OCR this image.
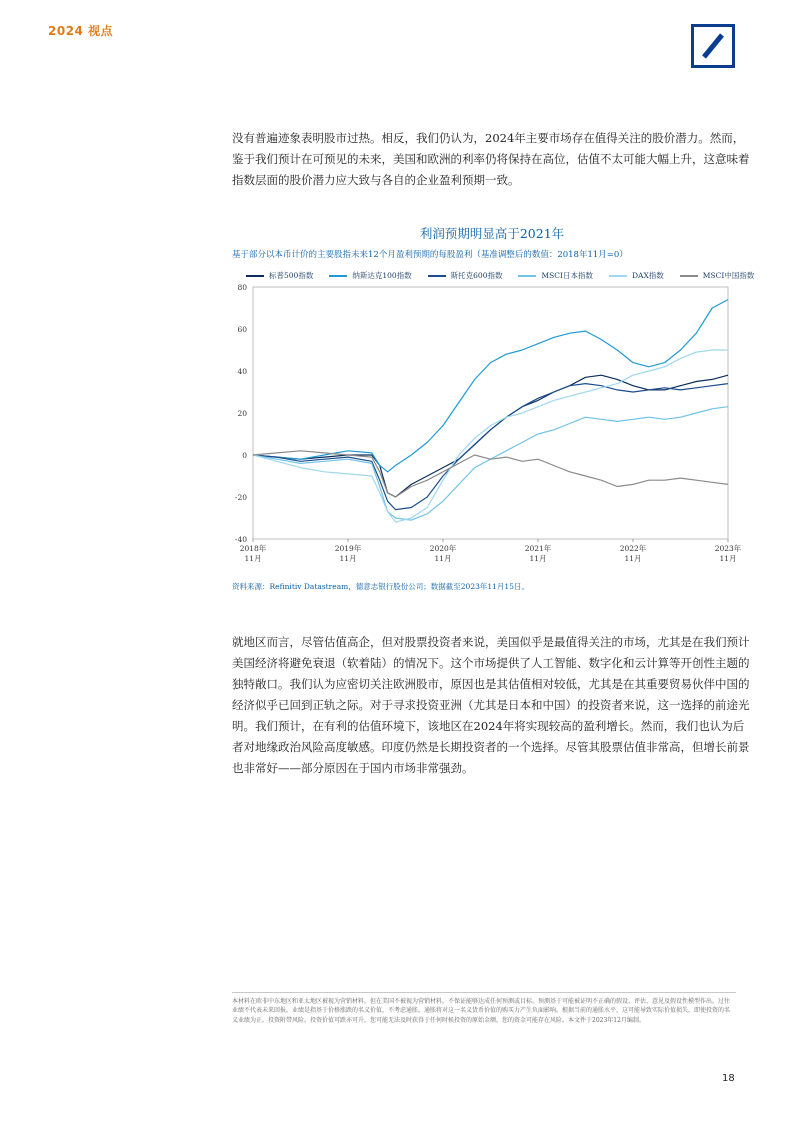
2024 视点
没有普遍迹象表明股市过热。相反，我们仍认为，2024年主要市场存在值得关注的股价潜力。然而，鉴于我们预计在可预见的未来，美国和欧洲的利率仍将保持在高位，估值不太可能大幅上升，这意味着指数层面的股价潜力应大致与各自的企业盈利预期一致。
利润预期明显高于2021年
基于部分以本币计价的主要股指未来12个月盈利预期的每股盈利（基准调整后的数值：2018年11月=0）
标普500指数	纳斯达克100指数	斯托克600指数	MSCI日本指数	DAX指数	MSCI中国指数
80
60
40
20
0
-20
-40
2018年
11月
2019年
11月
2020年
11月
2021年
11月
2022年
11月
2023年
11月
资料来源：Refinitiv Datastream，德意志银行股份公司；数据截至2023年11月15日。
就地区而言，尽管估值高企，但对股票投资者来说，美国似乎是最值得关注的市场，尤其是在我们预计美国经济将避免衰退（软着陆）的情况下。这个市场提供了人工智能、数字化和云计算等开创性主题的独特敞口。我们认为应密切关注欧洲股市，原因也是其估值相对较低，尤其是在其重要贸易伙伴中国的经济似乎已回到正轨之际。对于寻求投资亚洲（尤其是日本和中国）的投资者来说，这一选择的前途光明。我们预计，在有利的估值环境下，该地区在2024年将实现较高的盈利增长。然而，我们也认为后者对地缘政治风险高度敏感。印度仍然是长期投资者的一个选择。尽管其股票估值非常高，但增长前景也非常好——部分原因在于国内市场非常强劲。
本材料在欧非中东地区和亚太地区被视为营销材料，但在美国不被视为营销材料。不保证能够达成任何预测或目标。预测基于可能被证明不正确的假设、评估、意见及假设性模型作出。过往业绩不代表未来回报。业绩是指基于价格涨跌的名义价值，不考虑通胀。通胀将对这一名义货币价值的购买力产生负面影响。根据当前的通胀水平，这可能导致实际价值损失，即使投资的名义业绩为正。投资附带风险。投资价值可跌亦可升，您可能无法及时获得于任何时候投资的原始金额。您的资金可能存在风险。本文件于2023年12月编制。
18
